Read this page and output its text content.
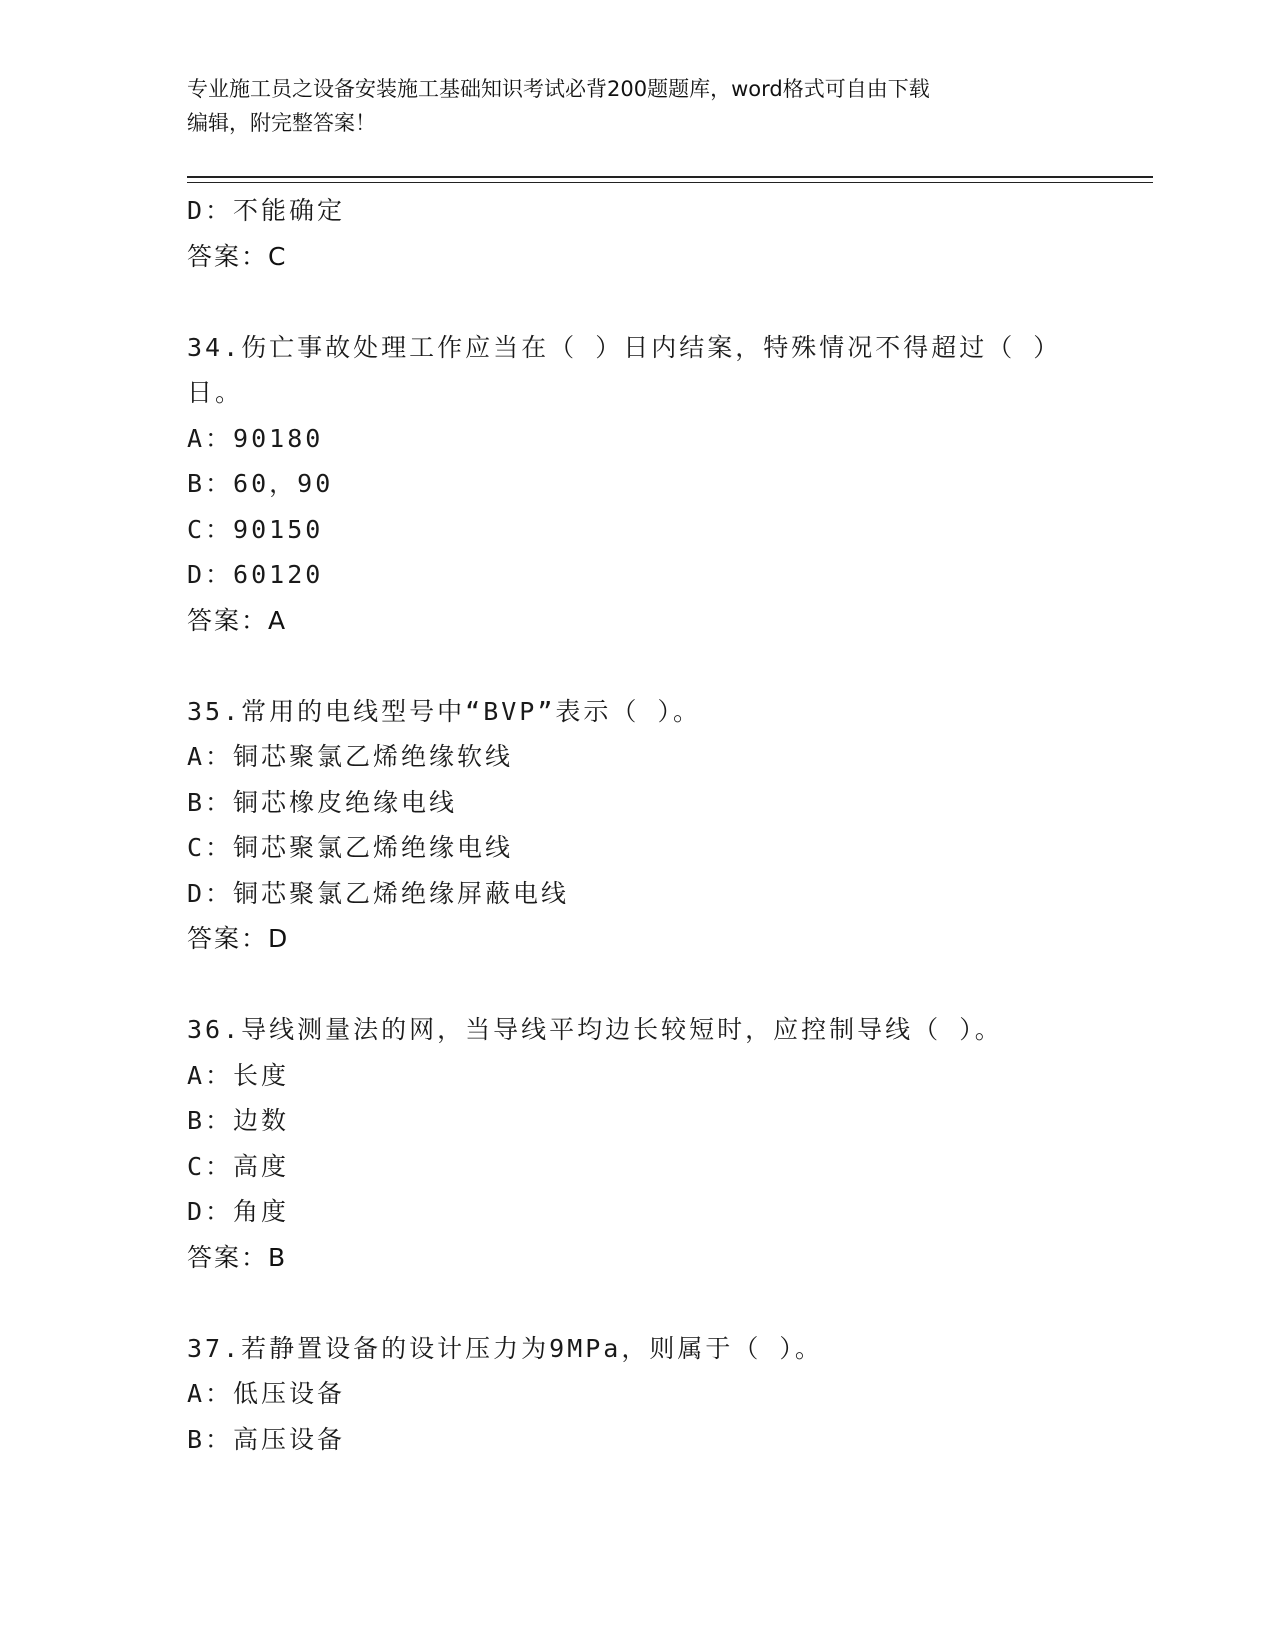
专业施工员之设备安装施工基础知识考试必背200题题库，word格式可自由下载
编辑，附完整答案！
D：不能确定
答案：C
34.伤亡事故处理工作应当在（ ）日内结案，特殊情况不得超过（ ）
日。
A：90180
B：60，90
C：90150
D：60120
答案：A
35.常用的电线型号中“BVP”表示（ ）。
A：铜芯聚氯乙烯绝缘软线
B：铜芯橡皮绝缘电线
C：铜芯聚氯乙烯绝缘电线
D：铜芯聚氯乙烯绝缘屏蔽电线
答案：D
36.导线测量法的网，当导线平均边长较短时，应控制导线（ ）。
A：长度
B：边数
C：高度
D：角度
答案：B
37.若静置设备的设计压力为9MPa，则属于（ ）。
A：低压设备
B：高压设备
